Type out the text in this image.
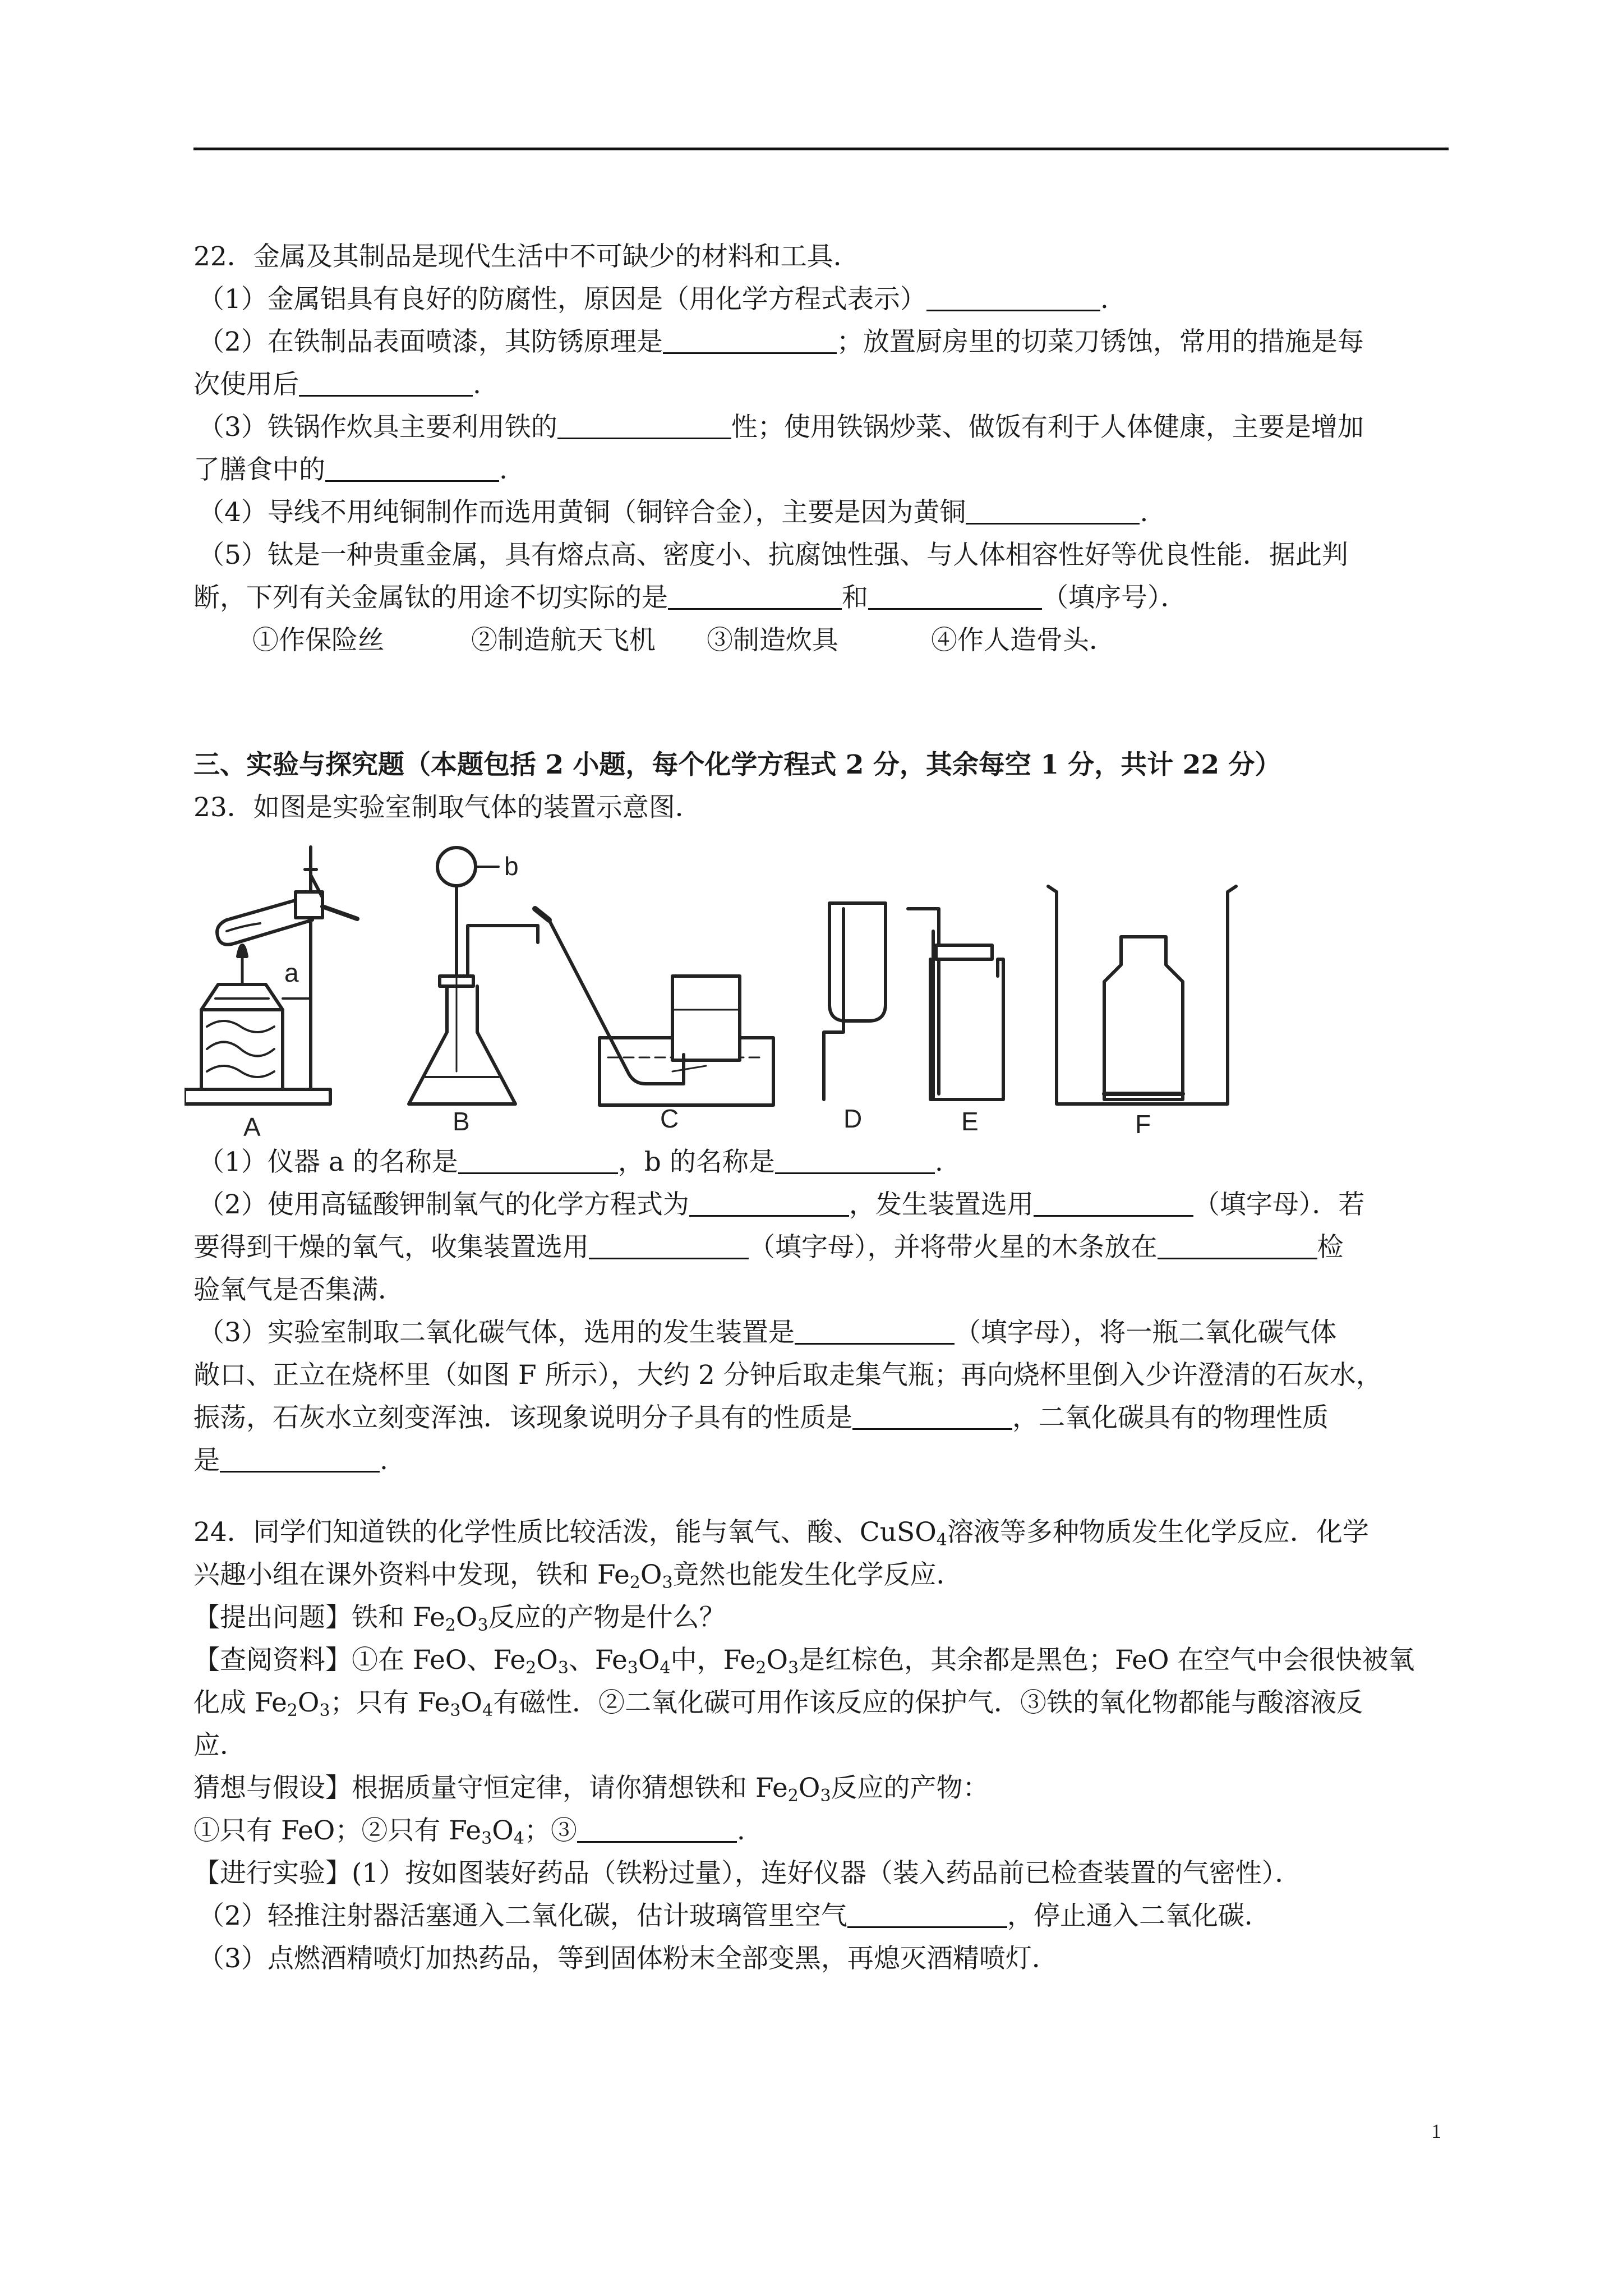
22．金属及其制品是现代生活中不可缺少的材料和工具．
（1）金属铝具有良好的防腐性，原因是（用化学方程式表示）	.
（2）在铁制品表面喷漆，其防锈原理是	；放置厨房里的切菜刀锈蚀，常用的措施是每
次使用后	.
（3）铁锅作炊具主要利用铁的	性；使用铁锅炒菜、做饭有利于人体健康，主要是增加
了膳食中的	.
（4）导线不用纯铜制作而选用黄铜（铜锌合金），主要是因为黄铜	.
（5）钛是一种贵重金属，具有熔点高、密度小、抗腐蚀性强、与人体相容性好等优良性能．据此判
断，下列有关金属钛的用途不切实际的是	和	（填序号）．
①作保险丝	②制造航天飞机 ③制造炊具	④作人造骨头．
三、实验与探究题（本题包括 2 小题，每个化学方程式 2 分，其余每空 1 分，共计 22 分）
23．如图是实验室制取气体的装置示意图．
a
b
A	B	C	D	E	F
（1）仪器 a 的名称是	，b 的名称是	.
（2）使用高锰酸钾制氧气的化学方程式为	，发生装置选用	（填字母）．若
要得到干燥的氧气，收集装置选用	（填字母），并将带火星的木条放在	检
验氧气是否集满．
（3）实验室制取二氧化碳气体，选用的发生装置是	（填字母），将一瓶二氧化碳气体
敞口、正立在烧杯里（如图 F 所示），大约 2 分钟后取走集气瓶；再向烧杯里倒入少许澄清的石灰水，
振荡，石灰水立刻变浑浊．该现象说明分子具有的性质是	，二氧化碳具有的物理性质
是	.
24．同学们知道铁的化学性质比较活泼，能与氧气、酸、CuSO$_4$溶液等多种物质发生化学反应．化学
兴趣小组在课外资料中发现，铁和 $Fe_2O_3$竟然也能发生化学反应．
【提出问题】铁和 $Fe_2O_3$反应的产物是什么？
【查阅资料】①在 FeO、$Fe_2O_3$、$Fe_3O_4$中，$Fe_2O_3$是红棕色，其余都是黑色；FeO 在空气中会很快被氧
化成 $Fe_2O_3$；只有 $Fe_3O_4$有磁性．②二氧化碳可用作该反应的保护气．③铁的氧化物都能与酸溶液反
应．
猜想与假设】根据质量守恒定律，请你猜想铁和 $Fe_2O_3$反应的产物：
①只有 FeO；②只有 $Fe_3O_4$；③	.
【进行实验】(1）按如图装好药品（铁粉过量），连好仪器（装入药品前已检查装置的气密性）．
（2）轻推注射器活塞通入二氧化碳，估计玻璃管里空气	，停止通入二氧化碳．
（3）点燃酒精喷灯加热药品，等到固体粉末全部变黑，再熄灭酒精喷灯．
1
